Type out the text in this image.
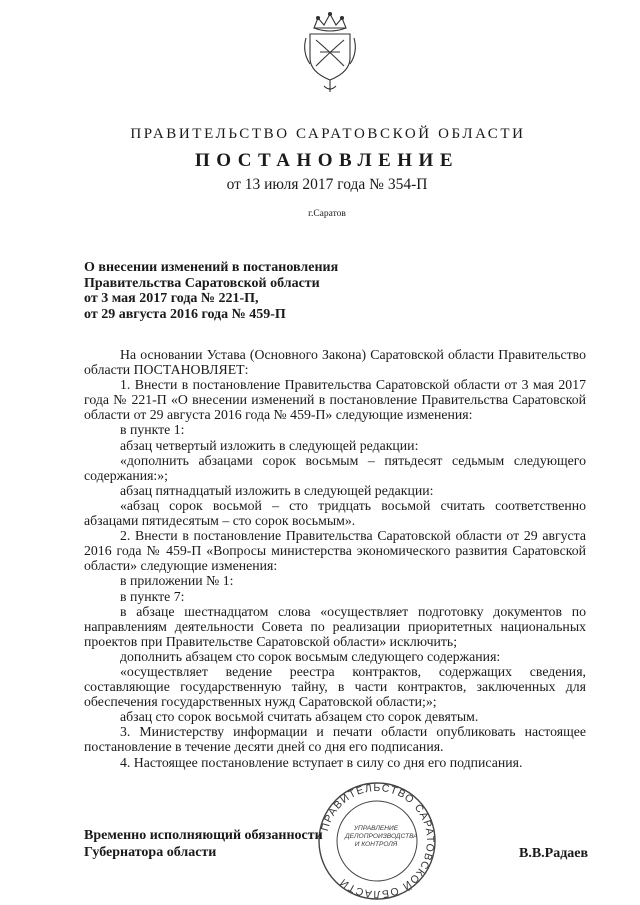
ПРАВИТЕЛЬСТВО САРАТОВСКОЙ ОБЛАСТИ
ПОСТАНОВЛЕНИЕ
от 13 июля 2017 года № 354-П
г.Саратов
О внесении изменений в постановления
Правительства Саратовской области
от 3 мая 2017 года № 221-П,
от 29 августа 2016 года № 459-П

На основании Устава (Основного Закона) Саратовской области Правительство области ПОСТАНОВЛЯЕТ:

1. Внести в постановление Правительства Саратовской области от 3 мая 2017 года № 221-П «О внесении изменений в постановление Правительства Саратовской области от 29 августа 2016 года № 459-П» следующие изменения:

в пункте 1:

абзац четвертый изложить в следующей редакции:

«дополнить абзацами сорок восьмым – пятьдесят седьмым следующего содержания:»;

абзац пятнадцатый изложить в следующей редакции:

«абзац сорок восьмой – сто тридцать восьмой считать соответственно абзацами пятидесятым – сто сорок восьмым».

2. Внести в постановление Правительства Саратовской области от 29 августа 2016 года № 459-П «Вопросы министерства экономического развития Саратовской области» следующие изменения:

в приложении № 1:

в пункте 7:

в абзаце шестнадцатом слова «осуществляет подготовку документов по направлениям деятельности Совета по реализации приоритетных национальных проектов при Правительстве Саратовской области» исключить;

дополнить абзацем сто сорок восьмым следующего содержания:

«осуществляет ведение реестра контрактов, содержащих сведения, составляющие государственную тайну, в части контрактов, заключенных для обеспечения государственных нужд Саратовской области;»;

абзац сто сорок восьмой считать абзацем сто сорок девятым.

3. Министерству информации и печати области опубликовать настоящее постановление в течение десяти дней со дня его подписания.

4. Настоящее постановление вступает в силу со дня его подписания.

ПРАВИТЕЛЬСТВО САРАТОВСКОЙ ОБЛАСТИ
УПРАВЛЕНИЕ
ДЕЛОПРОИЗВОДСТВА
И КОНТРОЛЯ
Временно исполняющий обязанности
Губернатора области	В.В.Радаев
